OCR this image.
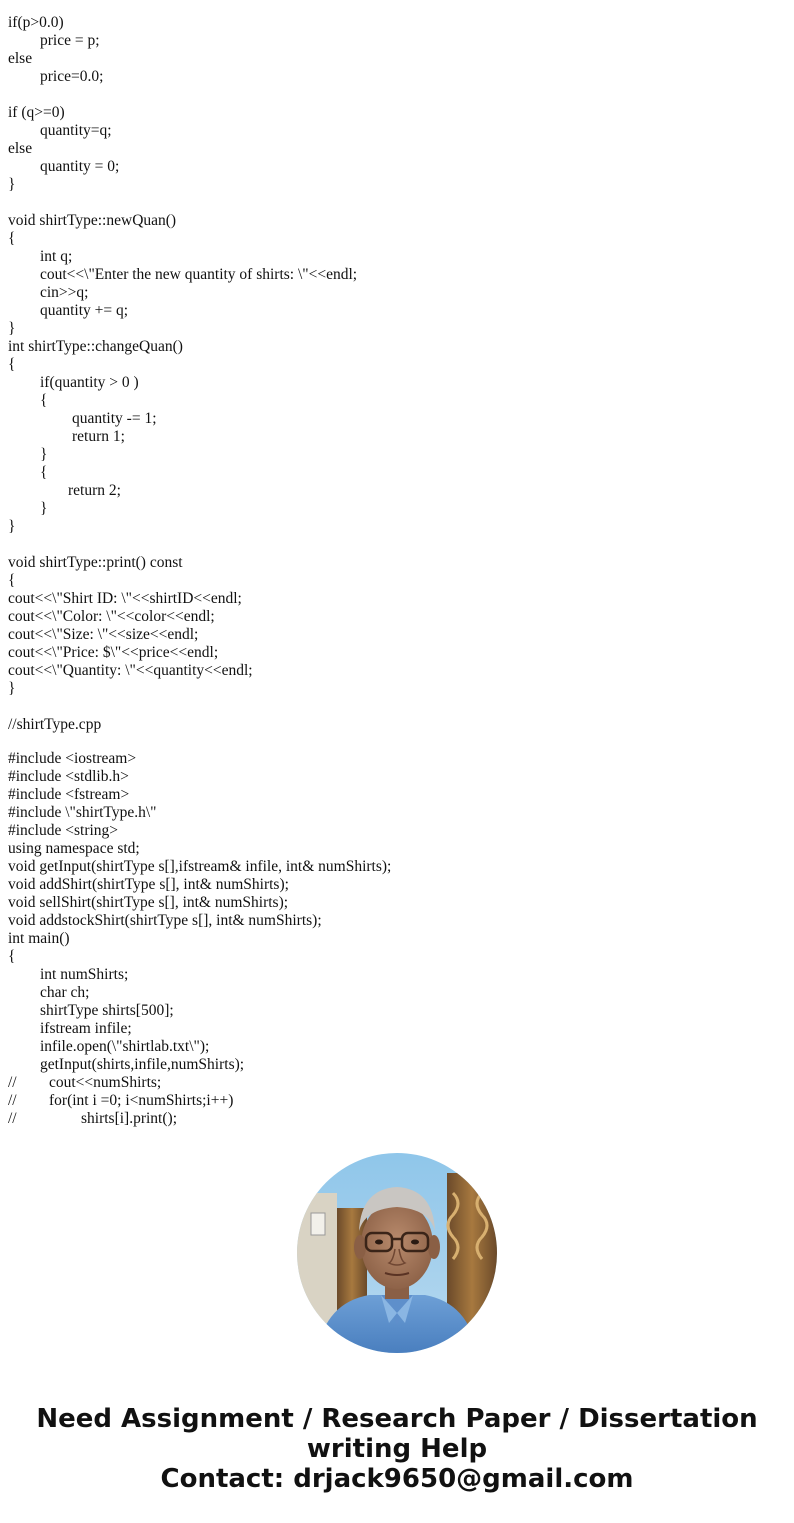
if(p>0.0)
price = p;
else
price=0.0;
if (q>=0)
quantity=q;
else
quantity = 0;
}
void shirtType::newQuan()
{
int q;
cout<<\"Enter the new quantity of shirts: \"<<endl;
cin>>q;
quantity += q;
}
int shirtType::changeQuan()
{
if(quantity > 0 )
{
quantity -= 1;
return 1;
}
{
return 2;
}
}
void shirtType::print() const
{
cout<<\"Shirt ID: \"<<shirtID<<endl;
cout<<\"Color: \"<<color<<endl;
cout<<\"Size: \"<<size<<endl;
cout<<\"Price: $\"<<price<<endl;
cout<<\"Quantity: \"<<quantity<<endl;
}
//shirtType.cpp
#include <iostream>
#include <stdlib.h>
#include <fstream>
#include \"shirtType.h\"
#include <string>
using namespace std;
void getInput(shirtType s[],ifstream& infile, int& numShirts);
void addShirt(shirtType s[], int& numShirts);
void sellShirt(shirtType s[], int& numShirts);
void addstockShirt(shirtType s[], int& numShirts);
int main()
{
int numShirts;
char ch;
shirtType shirts[500];
ifstream infile;
infile.open(\"shirtlab.txt\");
getInput(shirts,infile,numShirts);
// cout<<numShirts;
// for(int i =0; i<numShirts;i++)
//	shirts[i].print();
Need Assignment / Research Paper / Dissertation
writing Help
Contact: drjack9650@gmail.com
